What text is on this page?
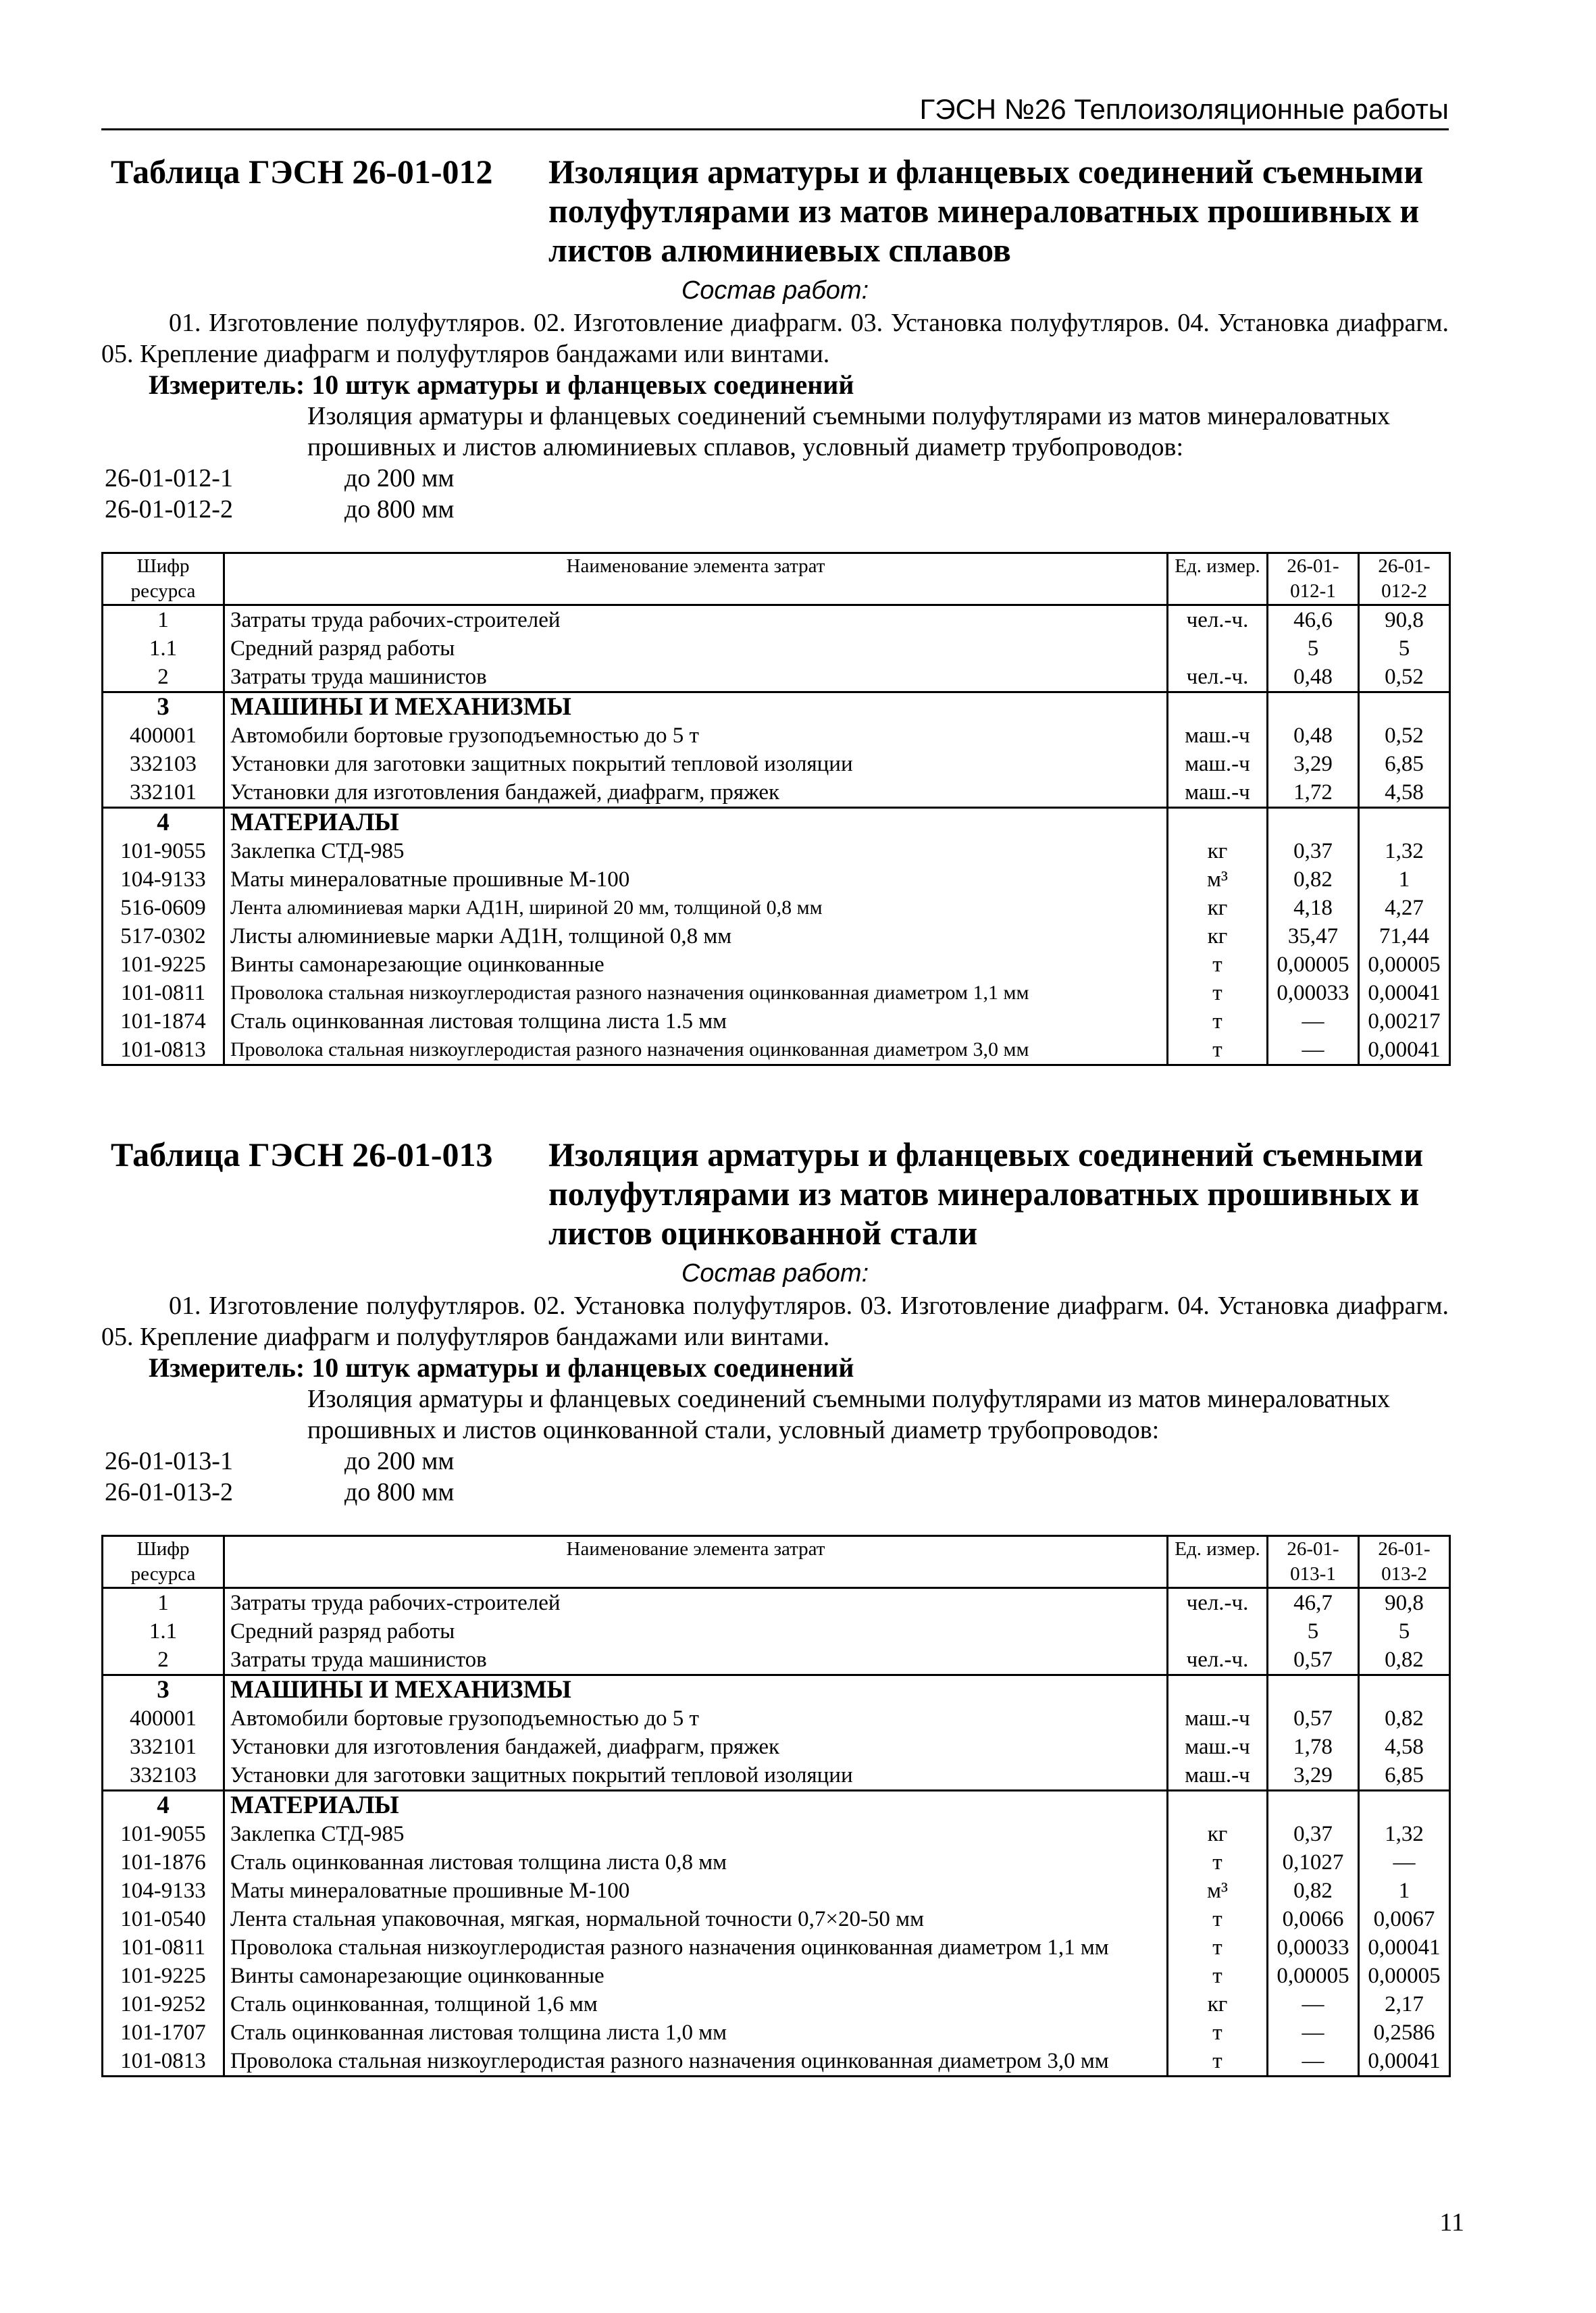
ГЭСН №26 Теплоизоляционные работы
Таблица ГЭСН 26-01-012 Изоляция арматуры и фланцевых соединений съемными полуфутлярами из матов минераловатных прошивных и листов алюминиевых сплавов
Состав работ:
01. Изготовление полуфутляров. 02. Изготовление диафрагм. 03. Установка полуфутляров. 04. Установка диафрагм. 05. Крепление диафрагм и полуфутляров бандажами или винтами.
Измеритель: 10 штук арматуры и фланцевых соединений
Изоляция арматуры и фланцевых соединений съемными полуфутлярами из матов минераловатных прошивных и листов алюминиевых сплавов, условный диаметр трубопроводов:
26-01-012-1	до 200 мм
26-01-012-2	до 800 мм
Шифр ресурса	Наименование элемента затрат	Ед. измер.	26-01-012-1	26-01-012-2
1	Затраты труда рабочих-строителей	чел.-ч.	46,6	90,8
1.1	Средний разряд работы		5	5
2	Затраты труда машинистов	чел.-ч.	0,48	0,52
3	МАШИНЫ И МЕХАНИЗМЫ			
400001	Автомобили бортовые грузоподъемностью до 5 т	маш.-ч	0,48	0,52
332103	Установки для заготовки защитных покрытий тепловой изоляции	маш.-ч	3,29	6,85
332101	Установки для изготовления бандажей, диафрагм, пряжек	маш.-ч	1,72	4,58
4	МАТЕРИАЛЫ			
101-9055	Заклепка СТД-985	кг	0,37	1,32
104-9133	Маты минераловатные прошивные М-100	м³	0,82	1
516-0609	Лента алюминиевая марки АД1Н, шириной 20 мм, толщиной 0,8 мм	кг	4,18	4,27
517-0302	Листы алюминиевые марки АД1Н, толщиной 0,8 мм	кг	35,47	71,44
101-9225	Винты самонарезающие оцинкованные	т	0,00005	0,00005
101-0811	Проволока стальная низкоуглеродистая разного назначения оцинкованная диаметром 1,1 мм	т	0,00033	0,00041
101-1874	Сталь оцинкованная листовая толщина листа 1.5 мм	т	—	0,00217
101-0813	Проволока стальная низкоуглеродистая разного назначения оцинкованная диаметром 3,0 мм	т	—	0,00041
Таблица ГЭСН 26-01-013 Изоляция арматуры и фланцевых соединений съемными полуфутлярами из матов минераловатных прошивных и листов оцинкованной стали
Состав работ:
01. Изготовление полуфутляров. 02. Установка полуфутляров. 03. Изготовление диафрагм. 04. Установка диафрагм. 05. Крепление диафрагм и полуфутляров бандажами или винтами.
Измеритель: 10 штук арматуры и фланцевых соединений
Изоляция арматуры и фланцевых соединений съемными полуфутлярами из матов минераловатных прошивных и листов оцинкованной стали, условный диаметр трубопроводов:
26-01-013-1	до 200 мм
26-01-013-2	до 800 мм
Шифр ресурса	Наименование элемента затрат	Ед. измер.	26-01-013-1	26-01-013-2
1	Затраты труда рабочих-строителей	чел.-ч.	46,7	90,8
1.1	Средний разряд работы		5	5
2	Затраты труда машинистов	чел.-ч.	0,57	0,82
3	МАШИНЫ И МЕХАНИЗМЫ			
400001	Автомобили бортовые грузоподъемностью до 5 т	маш.-ч	0,57	0,82
332101	Установки для изготовления бандажей, диафрагм, пряжек	маш.-ч	1,78	4,58
332103	Установки для заготовки защитных покрытий тепловой изоляции	маш.-ч	3,29	6,85
4	МАТЕРИАЛЫ			
101-9055	Заклепка СТД-985	кг	0,37	1,32
101-1876	Сталь оцинкованная листовая толщина листа 0,8 мм	т	0,1027	—
104-9133	Маты минераловатные прошивные М-100	м³	0,82	1
101-0540	Лента стальная упаковочная, мягкая, нормальной точности 0,7×20-50 мм	т	0,0066	0,0067
101-0811	Проволока стальная низкоуглеродистая разного назначения оцинкованная диаметром 1,1 мм	т	0,00033	0,00041
101-9225	Винты самонарезающие оцинкованные	т	0,00005	0,00005
101-9252	Сталь оцинкованная, толщиной 1,6 мм	кг	—	2,17
101-1707	Сталь оцинкованная листовая толщина листа 1,0 мм	т	—	0,2586
101-0813	Проволока стальная низкоуглеродистая разного назначения оцинкованная диаметром 3,0 мм	т	—	0,00041
11
